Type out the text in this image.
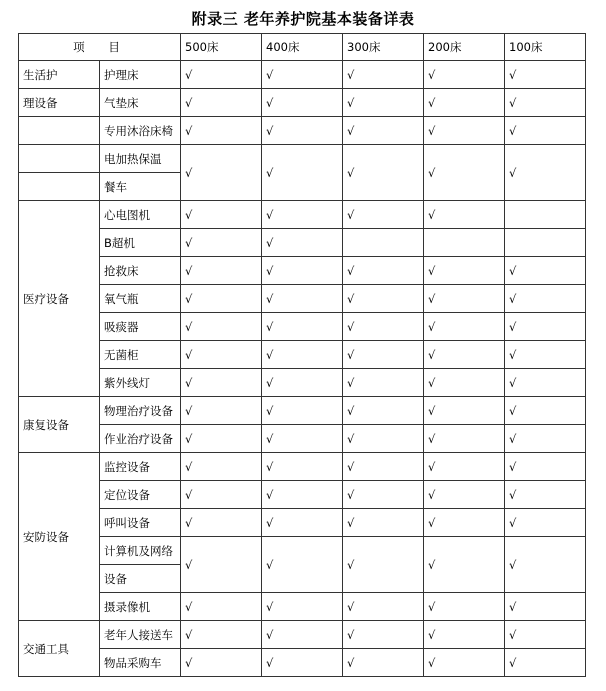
附录三 老年养护院基本装备详表
项 目		500床	400床	300床	200床	100床
生活护	护理床	√	√	√	√	√
理设备	气垫床	√	√	√	√	√
	专用沐浴床椅	√	√	√	√	√
	电加热保温	√	√	√	√	√
	餐车					
医疗设备	心电图机	√	√	√	√	
	B超机	√	√			
	抢救床	√	√	√	√	√
	氧气瓶	√	√	√	√	√
	吸痰器	√	√	√	√	√
	无菌柜	√	√	√	√	√
	紫外线灯	√	√	√	√	√
康复设备	物理治疗设备	√	√	√	√	√
	作业治疗设备	√	√	√	√	√
安防设备	监控设备	√	√	√	√	√
	定位设备	√	√	√	√	√
	呼叫设备	√	√	√	√	√
	计算机及网络	√	√	√	√	√
	设备					
	摄录像机	√	√	√	√	√
交通工具	老年人接送车	√	√	√	√	√
	物品采购车	√	√	√	√	√
